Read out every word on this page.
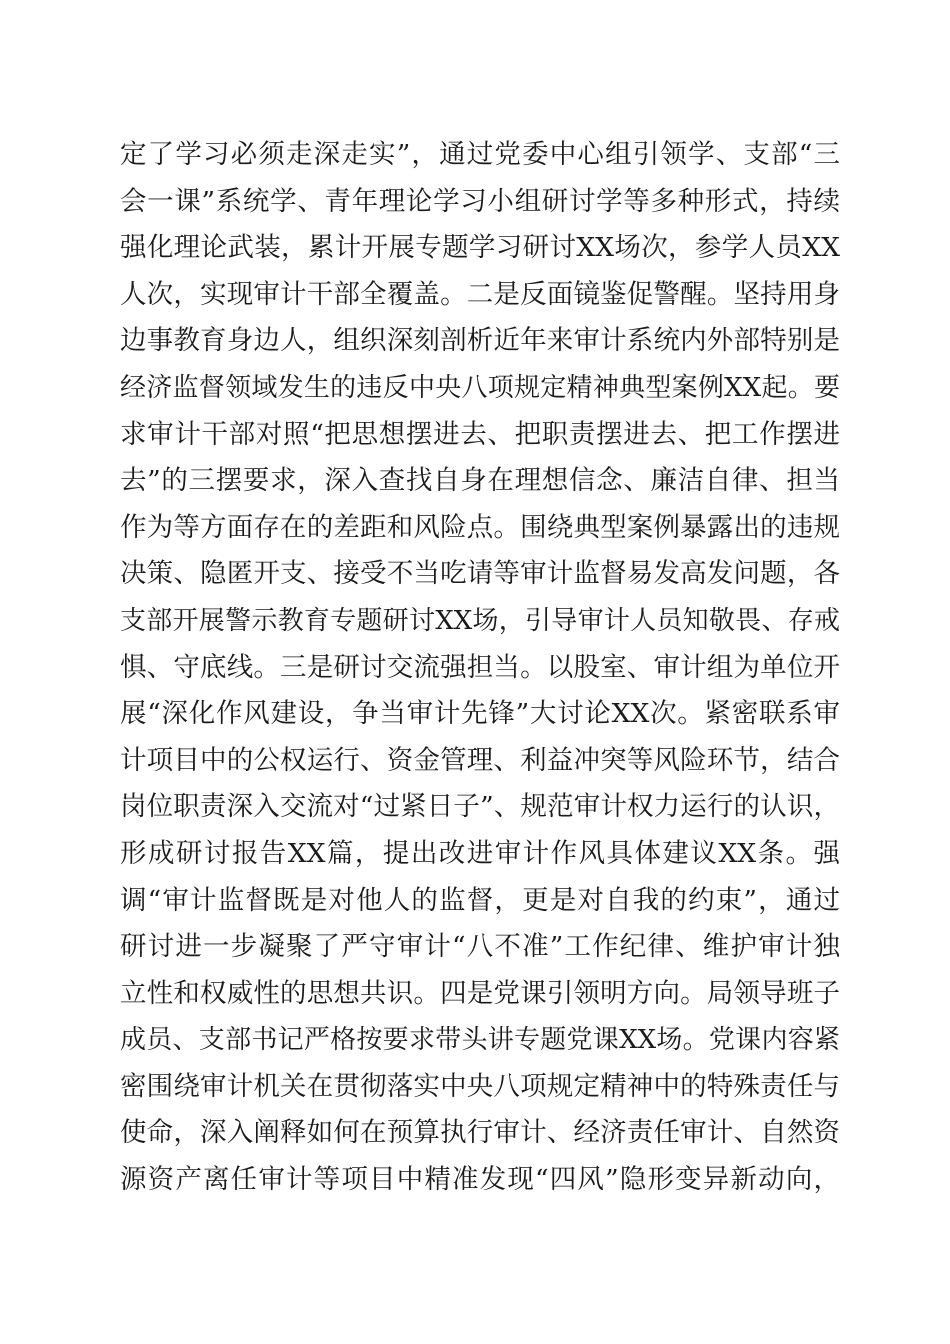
定了学习必须走深走实”，通过党委中心组引领学、支部“三
会一课”系统学、青年理论学习小组研讨学等多种形式，持续
强化理论武装，累计开展专题学习研讨XX场次，参学人员XX
人次，实现审计干部全覆盖。二是反面镜鉴促警醒。坚持用身
边事教育身边人，组织深刻剖析近年来审计系统内外部特别是
经济监督领域发生的违反中央八项规定精神典型案例XX起。要
求审计干部对照“把思想摆进去、把职责摆进去、把工作摆进
去”的三摆要求，深入查找自身在理想信念、廉洁自律、担当
作为等方面存在的差距和风险点。围绕典型案例暴露出的违规
决策、隐匿开支、接受不当吃请等审计监督易发高发问题，各
支部开展警示教育专题研讨XX场，引导审计人员知敬畏、存戒
惧、守底线。三是研讨交流强担当。以股室、审计组为单位开
展“深化作风建设，争当审计先锋”大讨论XX次。紧密联系审
计项目中的公权运行、资金管理、利益冲突等风险环节，结合
岗位职责深入交流对“过紧日子”、规范审计权力运行的认识，
形成研讨报告XX篇，提出改进审计作风具体建议XX条。强
调“审计监督既是对他人的监督，更是对自我的约束”，通过
研讨进一步凝聚了严守审计“八不准”工作纪律、维护审计独
立性和权威性的思想共识。四是党课引领明方向。局领导班子
成员、支部书记严格按要求带头讲专题党课XX场。党课内容紧
密围绕审计机关在贯彻落实中央八项规定精神中的特殊责任与
使命，深入阐释如何在预算执行审计、经济责任审计、自然资
源资产离任审计等项目中精准发现“四风”隐形变异新动向，
